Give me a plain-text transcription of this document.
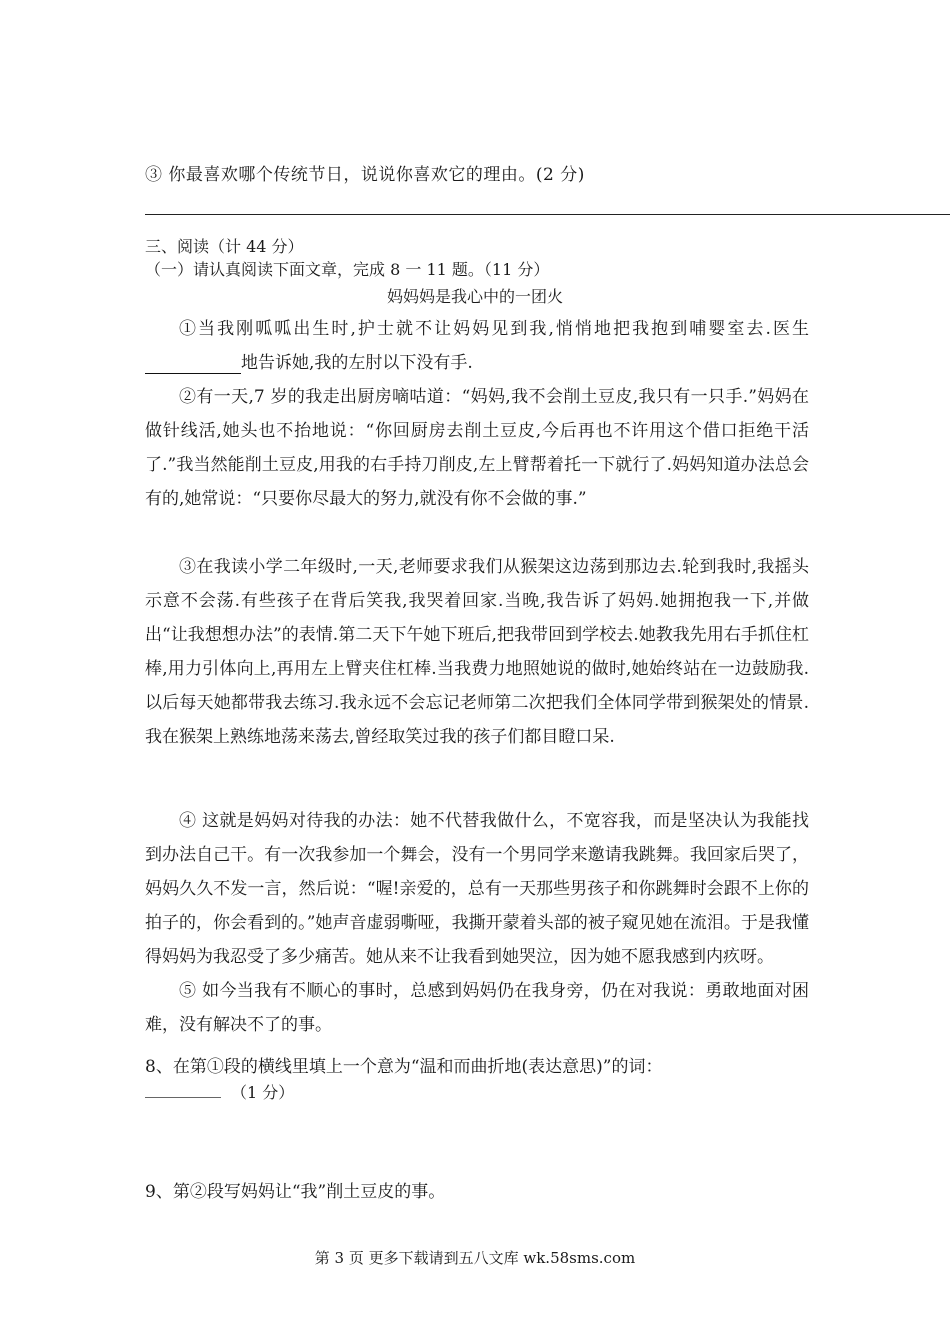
③ 你最喜欢哪个传统节日，说说你喜欢它的理由。(2 分)
三、阅读（计 44 分）
（一）请认真阅读下面文章，完成 8 一 11 题。（11 分）
妈妈妈是我心中的一团火
①当我刚呱呱出生时,护士就不让妈妈见到我,悄悄地把我抱到哺婴室去.医生地告诉她,我的左肘以下没有手.
②有一天,7 岁的我走出厨房嘀咕道：“妈妈,我不会削土豆皮,我只有一只手.”妈妈在做针线活,她头也不抬地说：“你回厨房去削土豆皮,今后再也不许用这个借口拒绝干活了.”我当然能削土豆皮,用我的右手持刀削皮,左上臂帮着托一下就行了.妈妈知道办法总会有的,她常说：“只要你尽最大的努力,就没有你不会做的事.”
③在我读小学二年级时,一天,老师要求我们从猴架这边荡到那边去.轮到我时,我摇头示意不会荡.有些孩子在背后笑我,我哭着回家.当晚,我告诉了妈妈.她拥抱我一下,并做出“让我想想办法”的表情.第二天下午她下班后,把我带回到学校去.她教我先用右手抓住杠棒,用力引体向上,再用左上臂夹住杠棒.当我费力地照她说的做时,她始终站在一边鼓励我.以后每天她都带我去练习.我永远不会忘记老师第二次把我们全体同学带到猴架处的情景.我在猴架上熟练地荡来荡去,曾经取笑过我的孩子们都目瞪口呆.
④ 这就是妈妈对待我的办法：她不代替我做什么，不宽容我，而是坚决认为我能找到办法自己干。有一次我参加一个舞会，没有一个男同学来邀请我跳舞。我回家后哭了，妈妈久久不发一言，然后说：“喔!亲爱的，总有一天那些男孩子和你跳舞时会跟不上你的拍子的，你会看到的。”她声音虚弱嘶哑，我撕开蒙着头部的被子窥见她在流泪。于是我懂得妈妈为我忍受了多少痛苦。她从来不让我看到她哭泣，因为她不愿我感到内疚呀。
⑤ 如今当我有不顺心的事时，总感到妈妈仍在我身旁，仍在对我说：勇敢地面对困难，没有解决不了的事。
8、在第①段的横线里填上一个意为“温和而曲折地(表达意思)”的词：
（1 分）
9、第②段写妈妈让“我”削土豆皮的事。
第 3 页 更多下载请到五八文库 wk.58sms.com
